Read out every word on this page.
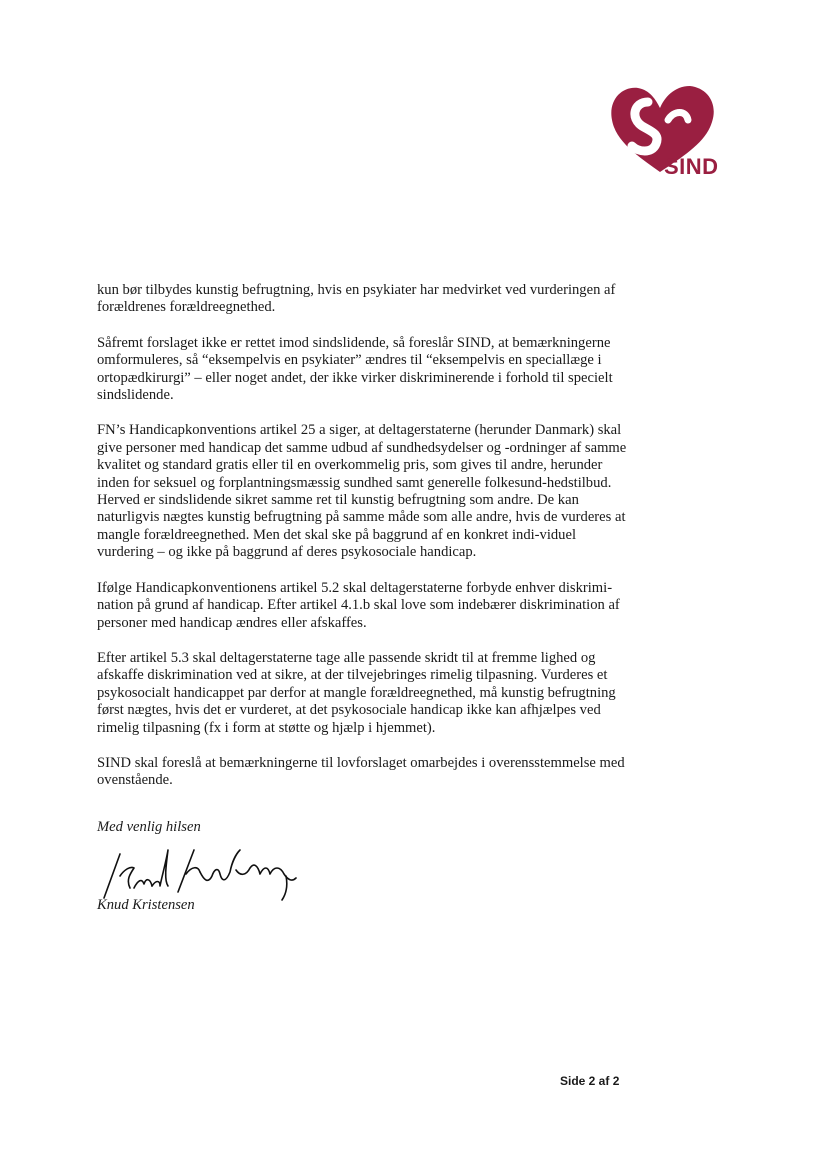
SIND

kun bør tilbydes kunstig befrugtning, hvis en psykiater har medvirket ved vurderingen af forældrenes forældreegnethed.

Såfremt forslaget ikke er rettet imod sindslidende, så foreslår SIND, at bemærkningerne omformuleres, så “eksempelvis en psykiater” ændres til “eksempelvis en speciallæge i ortopædkirurgi” – eller noget andet, der ikke virker diskriminerende i forhold til specielt sindslidende.

FN’s Handicapkonventions artikel 25 a siger, at deltagerstaterne (herunder Danmark) skal give personer med handicap det samme udbud af sundhedsydelser og -ordninger af samme kvalitet og standard gratis eller til en overkommelig pris, som gives til andre, herunder inden for seksuel og forplantningsmæssig sundhed samt generelle folkesund-hedstilbud. Herved er sindslidende sikret samme ret til kunstig befrugtning som andre. De kan naturligvis nægtes kunstig befrugtning på samme måde som alle andre, hvis de vurderes at mangle forældreegnethed. Men det skal ske på baggrund af en konkret indi-viduel vurdering – og ikke på baggrund af deres psykosociale handicap.

Ifølge Handicapkonventionens artikel 5.2 skal deltagerstaterne forbyde enhver diskrimi-nation på grund af handicap. Efter artikel 4.1.b skal love som indebærer diskrimination af personer med handicap ændres eller afskaffes.

Efter artikel 5.3 skal deltagerstaterne tage alle passende skridt til at fremme lighed og afskaffe diskrimination ved at sikre, at der tilvejebringes rimelig tilpasning. Vurderes et psykosocialt handicappet par derfor at mangle forældreegnethed, må kunstig befrugtning først nægtes, hvis det er vurderet, at det psykosociale handicap ikke kan afhjælpes ved rimelig tilpasning (fx i form at støtte og hjælp i hjemmet).

SIND skal foreslå at bemærkningerne til lovforslaget omarbejdes i overensstemmelse med ovenstående.

Med venlig hilsen
Knud Kristensen
Side 2 af 2
